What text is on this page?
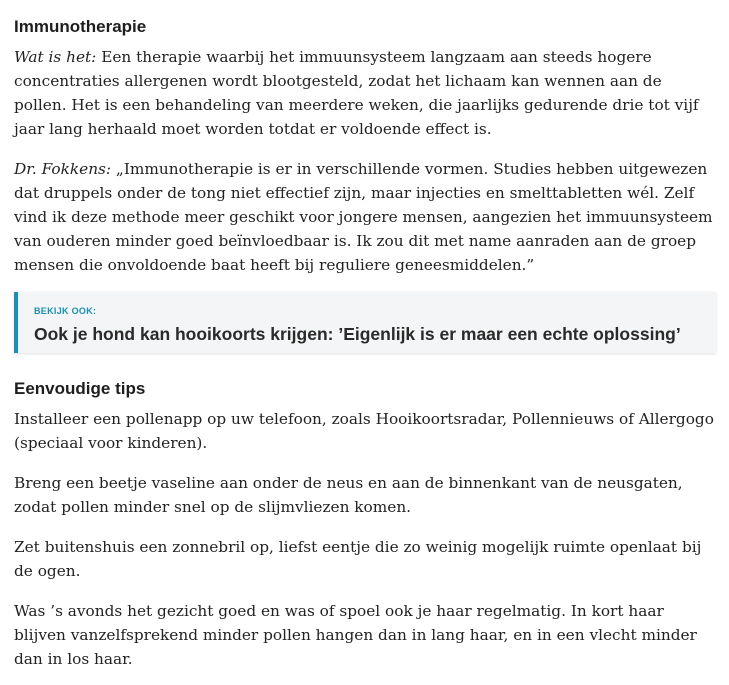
Immunotherapie

Wat is het: Een therapie waarbij het immuunsysteem langzaam aan steeds hogere concentraties allergenen wordt blootgesteld, zodat het lichaam kan wennen aan de pollen. Het is een behandeling van meerdere weken, die jaarlijks gedurende drie tot vijf jaar lang herhaald moet worden totdat er voldoende effect is.

Dr. Fokkens: „Immunotherapie is er in verschillende vormen. Studies hebben uitgewezen dat druppels onder de tong niet effectief zijn, maar injecties en smelttabletten wél. Zelf vind ik deze methode meer geschikt voor jongere mensen, aangezien het immuunsysteem van ouderen minder goed beïnvloedbaar is. Ik zou dit met name aanraden aan de groep mensen die onvoldoende baat heeft bij reguliere geneesmiddelen.”

BEKIJK OOK:
Ook je hond kan hooikoorts krijgen: ’Eigenlijk is er maar een echte oplossing’
Eenvoudige tips

Installeer een pollenapp op uw telefoon, zoals Hooikoortsradar, Pollennieuws of Allergogo (speciaal voor kinderen).

Breng een beetje vaseline aan onder de neus en aan de binnenkant van de neusgaten, zodat pollen minder snel op de slijmvliezen komen.

Zet buitenshuis een zonnebril op, liefst eentje die zo weinig mogelijk ruimte openlaat bij de ogen.

Was ’s avonds het gezicht goed en was of spoel ook je haar regelmatig. In kort haar blijven vanzelfsprekend minder pollen hangen dan in lang haar, en in een vlecht minder dan in los haar.
